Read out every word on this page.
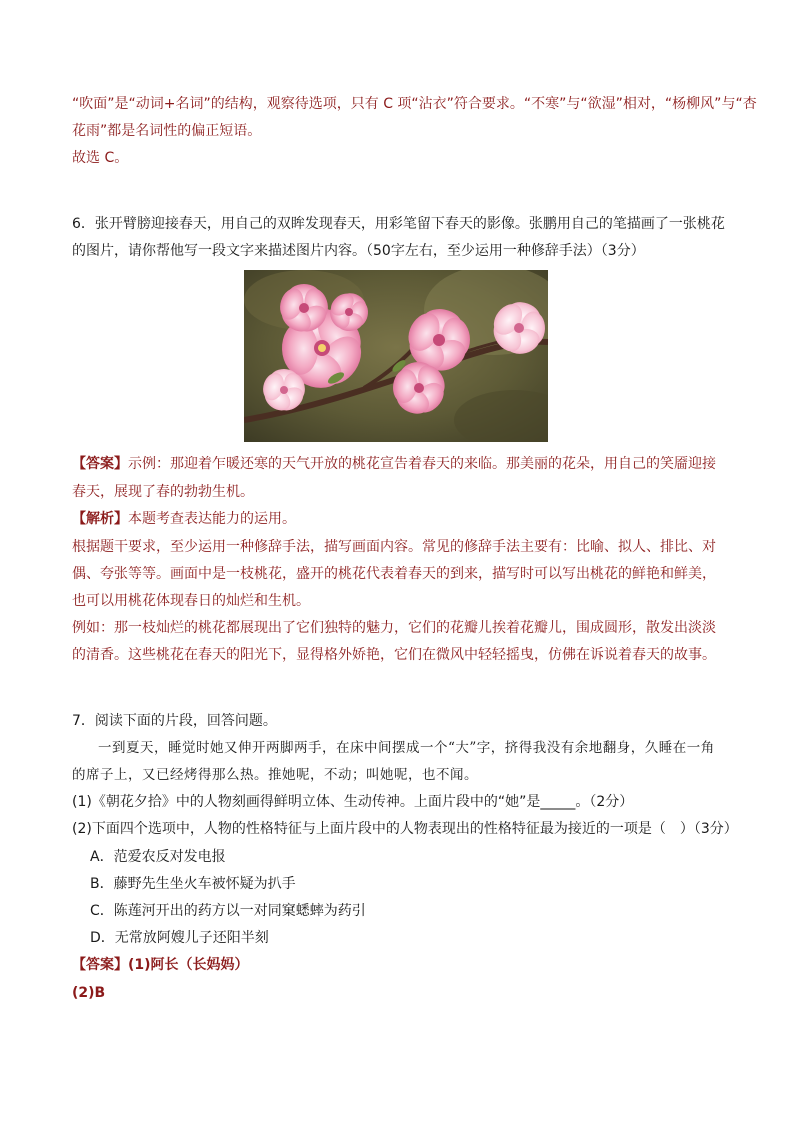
“吹面”是“动词+名词”的结构，观察待选项，只有 C 项“沾衣”符合要求。“不寒”与“欲湿”相对，“杨柳风”与“杏
花雨”都是名词性的偏正短语。
故选 C。
6．张开臂膀迎接春天，用自己的双眸发现春天，用彩笔留下春天的影像。张鹏用自己的笔描画了一张桃花
的图片，请你帮他写一段文字来描述图片内容。（50字左右，至少运用一种修辞手法）（3分）
【答案】示例：那迎着乍暖还寒的天气开放的桃花宣告着春天的来临。那美丽的花朵，用自己的笑靥迎接
春天，展现了春的勃勃生机。
【解析】本题考查表达能力的运用。
根据题干要求，至少运用一种修辞手法，描写画面内容。常见的修辞手法主要有：比喻、拟人、排比、对
偶、夸张等等。画面中是一枝桃花，盛开的桃花代表着春天的到来，描写时可以写出桃花的鲜艳和鲜美，
也可以用桃花体现春日的灿烂和生机。
例如：那一枝灿烂的桃花都展现出了它们独特的魅力，它们的花瓣儿挨着花瓣儿，围成圆形，散发出淡淡
的清香。这些桃花在春天的阳光下，显得格外娇艳，它们在微风中轻轻摇曳，仿佛在诉说着春天的故事。
7．阅读下面的片段，回答问题。
一到夏天，睡觉时她又伸开两脚两手，在床中间摆成一个“大”字，挤得我没有余地翻身，久睡在一角
的席子上，又已经烤得那么热。推她呢，不动；叫她呢，也不闻。
(1)《朝花夕拾》中的人物刻画得鲜明立体、生动传神。上面片段中的“她”是_____。（2分）
(2)下面四个选项中，人物的性格特征与上面片段中的人物表现出的性格特征最为接近的一项是（　）（3分）
A．范爱农反对发电报
B．藤野先生坐火车被怀疑为扒手
C．陈莲河开出的药方以一对同窠蟋蟀为药引
D．无常放阿嫂儿子还阳半刻
【答案】(1)阿长（长妈妈）
(2)B
